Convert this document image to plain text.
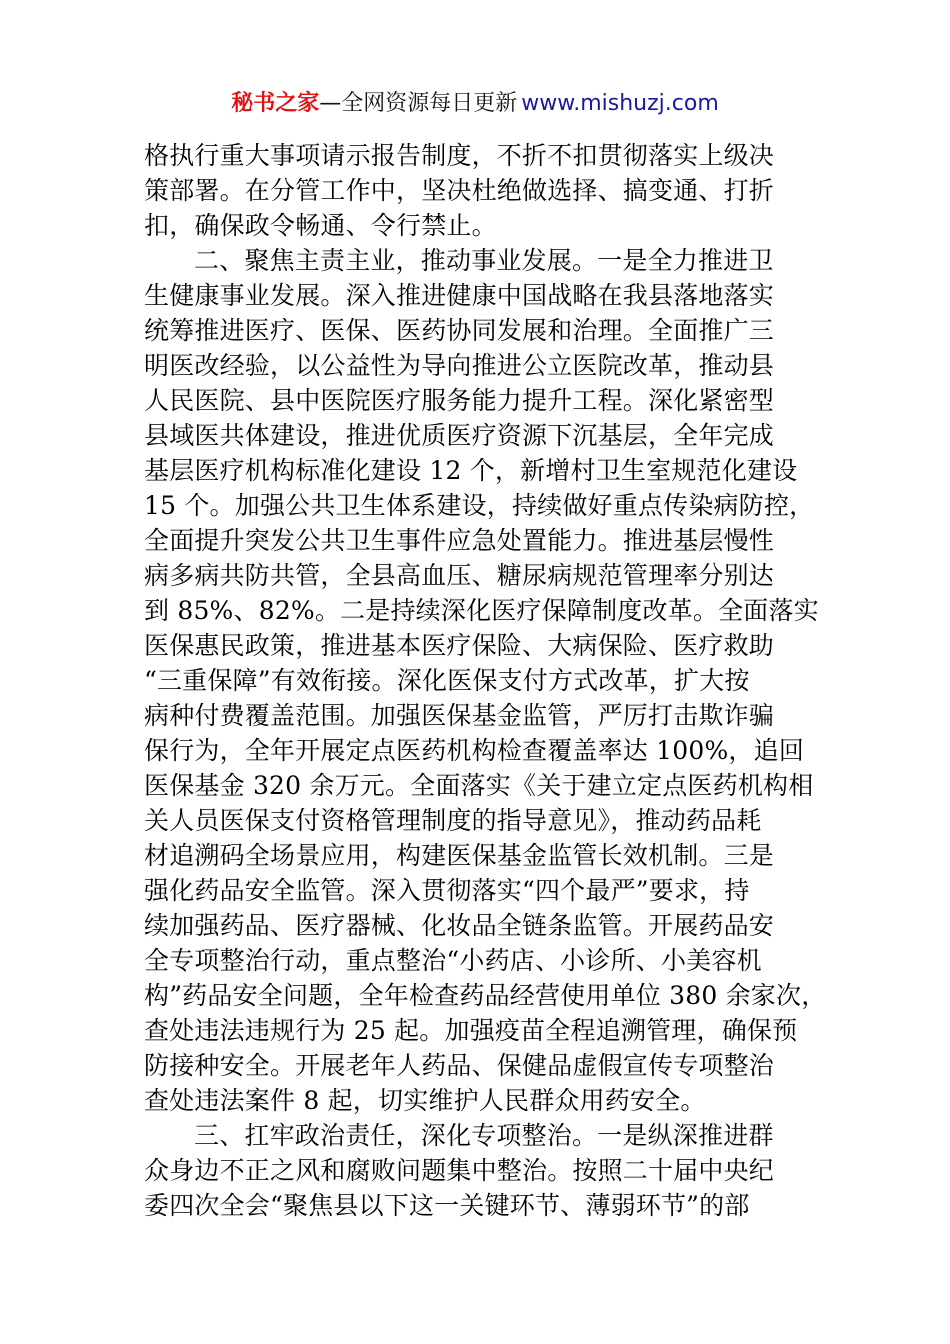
秘书之家—全网资源每日更新 www.mishuzj.com
格执行重大事项请示报告制度，不折不扣贯彻落实上级决
策部署。在分管工作中，坚决杜绝做选择、搞变通、打折
扣，确保政令畅通、令行禁止。
二、聚焦主责主业，推动事业发展。一是全力推进卫
生健康事业发展。深入推进健康中国战略在我县落地落实
统筹推进医疗、医保、医药协同发展和治理。全面推广三
明医改经验，以公益性为导向推进公立医院改革，推动县
人民医院、县中医院医疗服务能力提升工程。深化紧密型
县域医共体建设，推进优质医疗资源下沉基层，全年完成
基层医疗机构标准化建设 12 个，新增村卫生室规范化建设
15 个。加强公共卫生体系建设，持续做好重点传染病防控，
全面提升突发公共卫生事件应急处置能力。推进基层慢性
病多病共防共管，全县高血压、糖尿病规范管理率分别达
到 85%、82%。二是持续深化医疗保障制度改革。全面落实
医保惠民政策，推进基本医疗保险、大病保险、医疗救助
“三重保障”有效衔接。深化医保支付方式改革，扩大按
病种付费覆盖范围。加强医保基金监管，严厉打击欺诈骗
保行为，全年开展定点医药机构检查覆盖率达 100%，追回
医保基金 320 余万元。全面落实《关于建立定点医药机构相
关人员医保支付资格管理制度的指导意见》，推动药品耗
材追溯码全场景应用，构建医保基金监管长效机制。三是
强化药品安全监管。深入贯彻落实“四个最严”要求，持
续加强药品、医疗器械、化妆品全链条监管。开展药品安
全专项整治行动，重点整治“小药店、小诊所、小美容机
构”药品安全问题，全年检查药品经营使用单位 380 余家次，
查处违法违规行为 25 起。加强疫苗全程追溯管理，确保预
防接种安全。开展老年人药品、保健品虚假宣传专项整治
查处违法案件 8 起，切实维护人民群众用药安全。
三、扛牢政治责任，深化专项整治。一是纵深推进群
众身边不正之风和腐败问题集中整治。按照二十届中央纪
委四次全会“聚焦县以下这一关键环节、薄弱环节”的部
